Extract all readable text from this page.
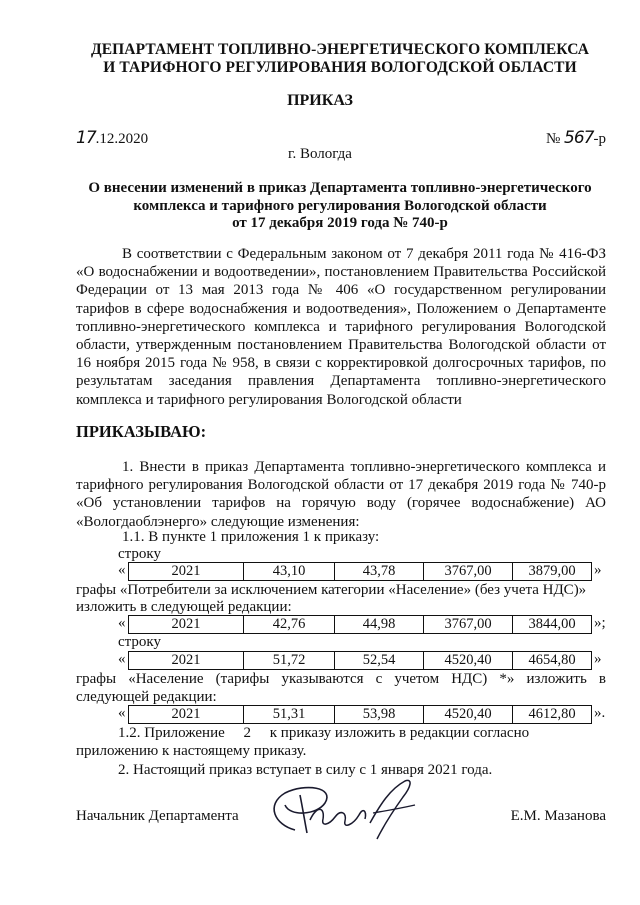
ДЕПАРТАМЕНТ ТОПЛИВНО-ЭНЕРГЕТИЧЕСКОГО КОМПЛЕКСА
И ТАРИФНОГО РЕГУЛИРОВАНИЯ ВОЛОГОДСКОЙ ОБЛАСТИ
ПРИКАЗ
17.12.2020	№ 567-р
г. Вологда
О внесении изменений в приказ Департамента топливно-энергетического
комплекса и тарифного регулирования Вологодской области
от 17 декабря 2019 года № 740-р
В соответствии с Федеральным законом от 7 декабря 2011 года № 416-ФЗ «О водоснабжении и водоотведении», постановлением Правительства Российской Федерации от 13 мая 2013 года № 406 «О государственном регулировании тарифов в сфере водоснабжения и водоотведения», Положением о Департаменте топливно-энергетического комплекса и тарифного регулирования Вологодской области, утвержденным постановлением Правительства Вологодской области от 16 ноября 2015 года № 958, в связи с корректировкой долгосрочных тарифов, по результатам заседания правления Департамента топливно-энергетического комплекса и тарифного регулирования Вологодской области
ПРИКАЗЫВАЮ:
1. Внести в приказ Департамента топливно-энергетического комплекса и тарифного регулирования Вологодской области от 17 декабря 2019 года № 740-р «Об установлении тарифов на горячую воду (горячее водоснабжение) АО «Вологдаоблэнерго» следующие изменения:
1.1. В пункте 1 приложения 1 к приказу:
строку
«	2021	43,10	43,78	3767,00	3879,00	»
графы «Потребители за исключением категории «Население» (без учета НДС)»
изложить в следующей редакции:
«	2021	42,76	44,98	3767,00	3844,00	»;
строку
«	2021	51,72	52,54	4520,40	4654,80	»
графы «Население (тарифы указываются с учетом НДС) *» изложить в
следующей редакции:
«	2021	51,31	53,98	4520,40	4612,80	».
1.2. Приложение     2     к приказу изложить в редакции согласно
приложению к настоящему приказу.
2. Настоящий приказ вступает в силу с 1 января 2021 года.
Начальник Департамента	Е.М. Мазанова
